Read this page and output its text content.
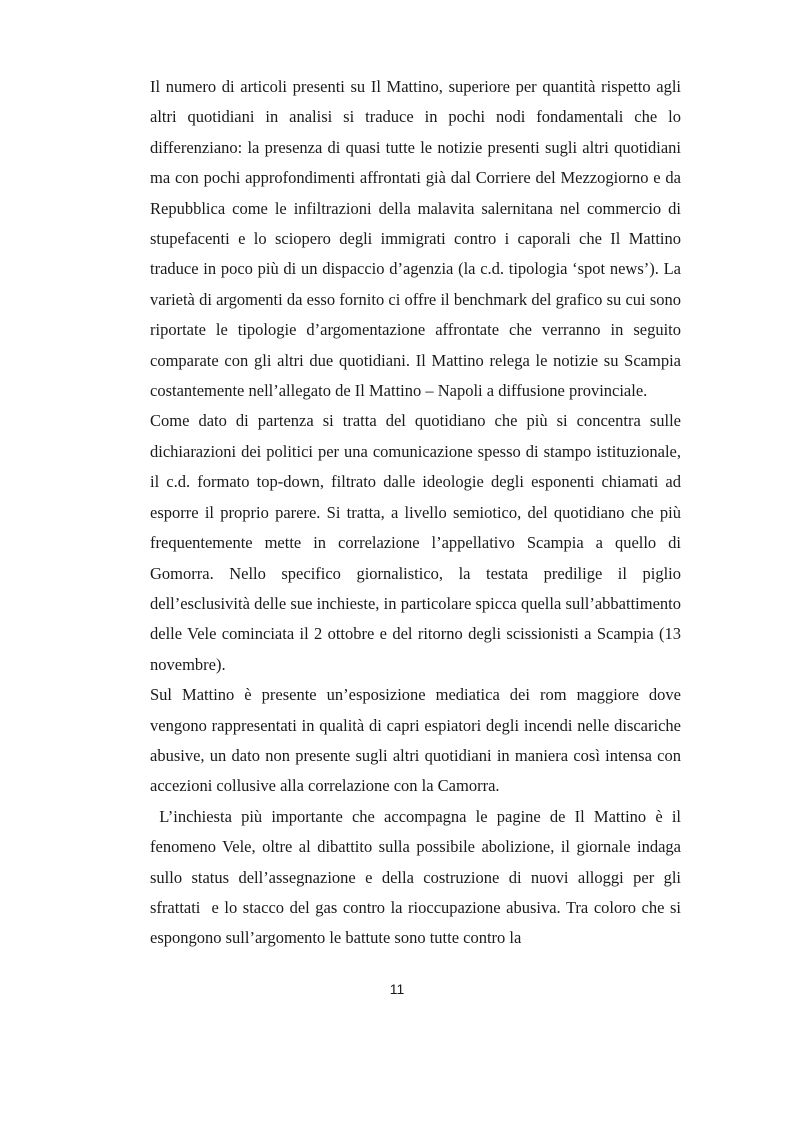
Il numero di articoli presenti su Il Mattino, superiore per quantità rispetto agli altri quotidiani in analisi si traduce in pochi nodi fondamentali che lo differenziano: la presenza di quasi tutte le notizie presenti sugli altri quotidiani ma con pochi approfondimenti affrontati già dal Corriere del Mezzogiorno e da Repubblica come le infiltrazioni della malavita salernitana nel commercio di stupefacenti e lo sciopero degli immigrati contro i caporali che Il Mattino traduce in poco più di un dispaccio d’agenzia (la c.d. tipologia ‘spot news’). La varietà di argomenti da esso fornito ci offre il benchmark del grafico su cui sono riportate le tipologie d’argomentazione affrontate che verranno in seguito comparate con gli altri due quotidiani. Il Mattino relega le notizie su Scampia costantemente nell’allegato de Il Mattino – Napoli a diffusione provinciale.

Come dato di partenza si tratta del quotidiano che più si concentra sulle dichiarazioni dei politici per una comunicazione spesso di stampo istituzionale, il c.d. formato top-down, filtrato dalle ideologie degli esponenti chiamati ad esporre il proprio parere. Si tratta, a livello semiotico, del quotidiano che più frequentemente mette in correlazione l’appellativo Scampia a quello di Gomorra. Nello specifico giornalistico, la testata predilige il piglio dell’esclusività delle sue inchieste, in particolare spicca quella sull’abbattimento delle Vele cominciata il 2 ottobre e del ritorno degli scissionisti a Scampia (13 novembre).

Sul Mattino è presente un’esposizione mediatica dei rom maggiore dove vengono rappresentati in qualità di capri espiatori degli incendi nelle discariche abusive, un dato non presente sugli altri quotidiani in maniera così intensa con accezioni collusive alla correlazione con la Camorra.

L’inchiesta più importante che accompagna le pagine de Il Mattino è il fenomeno Vele, oltre al dibattito sulla possibile abolizione, il giornale indaga sullo status dell’assegnazione e della costruzione di nuovi alloggi per gli sfrattati  e lo stacco del gas contro la rioccupazione abusiva. Tra coloro che si espongono sull’argomento le battute sono tutte contro la

11
